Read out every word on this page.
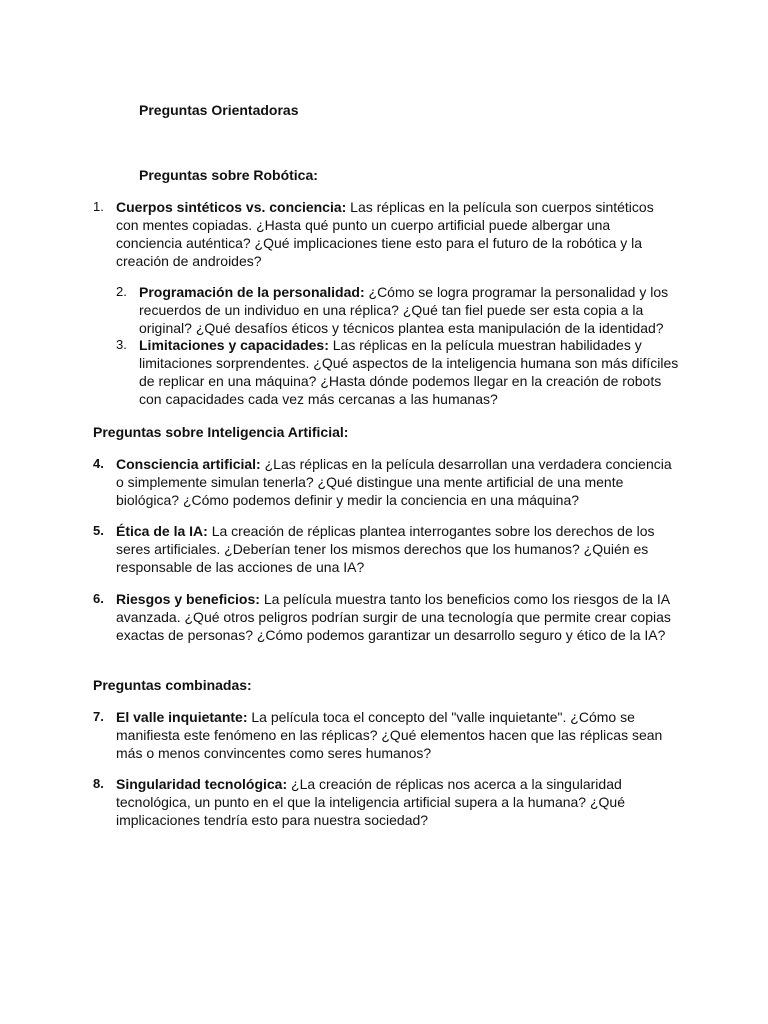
Preguntas Orientadoras
Preguntas sobre Robótica:
1. Cuerpos sintéticos vs. conciencia: Las réplicas en la película son cuerpos sintéticos con mentes copiadas. ¿Hasta qué punto un cuerpo artificial puede albergar una conciencia auténtica? ¿Qué implicaciones tiene esto para el futuro de la robótica y la creación de androides?
2. Programación de la personalidad: ¿Cómo se logra programar la personalidad y los recuerdos de un individuo en una réplica? ¿Qué tan fiel puede ser esta copia a la original? ¿Qué desafíos éticos y técnicos plantea esta manipulación de la identidad?
3. Limitaciones y capacidades: Las réplicas en la película muestran habilidades y limitaciones sorprendentes. ¿Qué aspectos de la inteligencia humana son más difíciles de replicar en una máquina? ¿Hasta dónde podemos llegar en la creación de robots con capacidades cada vez más cercanas a las humanas?
Preguntas sobre Inteligencia Artificial:
4. Consciencia artificial: ¿Las réplicas en la película desarrollan una verdadera conciencia o simplemente simulan tenerla? ¿Qué distingue una mente artificial de una mente biológica? ¿Cómo podemos definir y medir la conciencia en una máquina?
5. Ética de la IA: La creación de réplicas plantea interrogantes sobre los derechos de los seres artificiales. ¿Deberían tener los mismos derechos que los humanos? ¿Quién es responsable de las acciones de una IA?
6. Riesgos y beneficios: La película muestra tanto los beneficios como los riesgos de la IA avanzada. ¿Qué otros peligros podrían surgir de una tecnología que permite crear copias exactas de personas? ¿Cómo podemos garantizar un desarrollo seguro y ético de la IA?
Preguntas combinadas:
7. El valle inquietante: La película toca el concepto del "valle inquietante". ¿Cómo se manifiesta este fenómeno en las réplicas? ¿Qué elementos hacen que las réplicas sean más o menos convincentes como seres humanos?
8. Singularidad tecnológica: ¿La creación de réplicas nos acerca a la singularidad tecnológica, un punto en el que la inteligencia artificial supera a la humana? ¿Qué implicaciones tendría esto para nuestra sociedad?
